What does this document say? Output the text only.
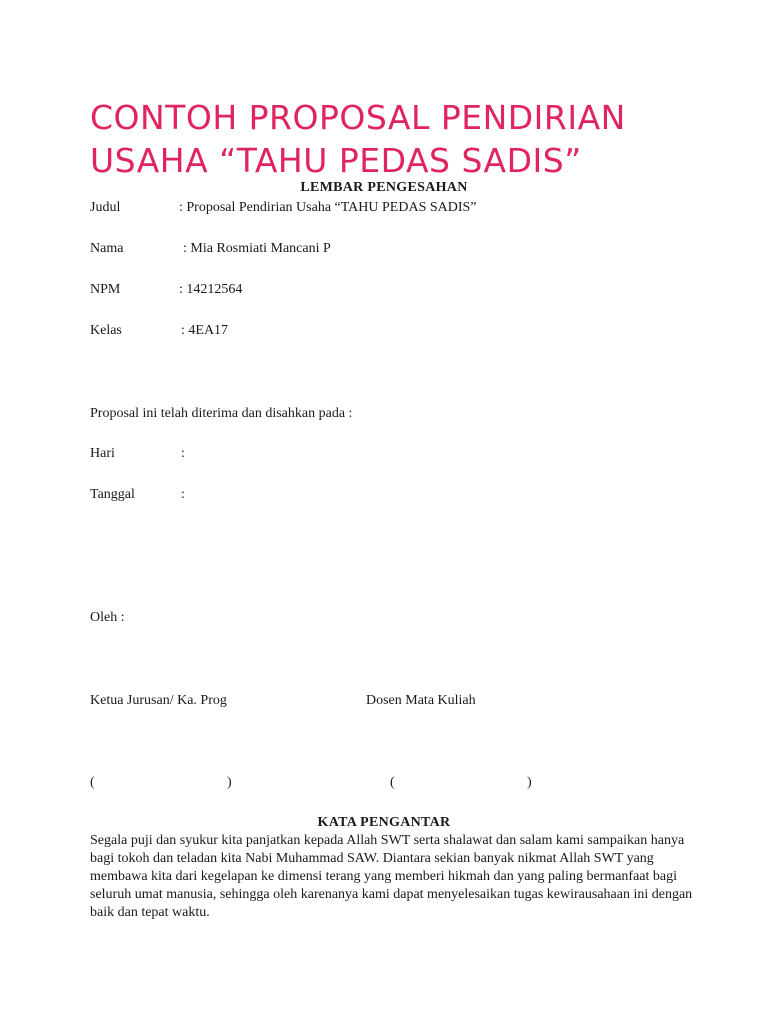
CONTOH PROPOSAL PENDIRIAN
USAHA “TAHU PEDAS SADIS”
LEMBAR PENGESAHAN
Judul	: Proposal Pendirian Usaha “TAHU PEDAS SADIS”
Nama	: Mia Rosmiati Mancani P
NPM	: 14212564
Kelas	: 4EA17
Proposal ini telah diterima dan disahkan pada :
Hari	:
Tanggal	:
Oleh :
Ketua Jurusan/ Ka. Prog	Dosen Mata Kuliah
(	)	(	)
KATA PENGANTAR

Segala puji dan syukur kita panjatkan kepada Allah SWT serta shalawat dan salam kami sampaikan hanya bagi tokoh dan teladan kita Nabi Muhammad SAW. Diantara sekian banyak nikmat Allah SWT yang membawa kita dari kegelapan ke dimensi terang yang memberi hikmah dan yang paling bermanfaat bagi seluruh umat manusia, sehingga oleh karenanya kami dapat menyelesaikan tugas kewirausahaan ini dengan baik dan tepat waktu.
